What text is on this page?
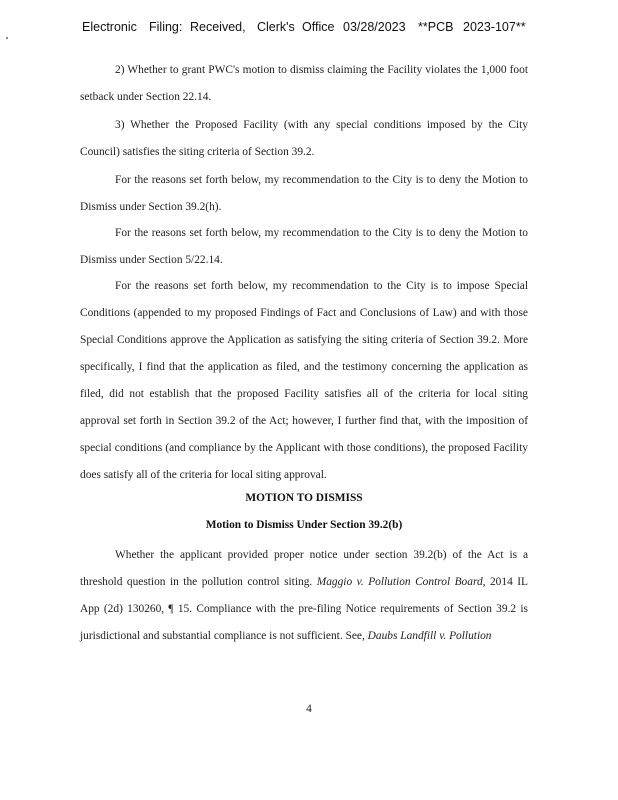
Electronic Filing: Received, Clerk's Office 03/28/2023 **PCB 2023-107**

2) Whether to grant PWC's motion to dismiss claiming the Facility violates the 1,000 foot setback under Section 22.14.

3) Whether the Proposed Facility (with any special conditions imposed by the City Council) satisfies the siting criteria of Section 39.2.

For the reasons set forth below, my recommendation to the City is to deny the Motion to Dismiss under Section 39.2(h).

For the reasons set forth below, my recommendation to the City is to deny the Motion to Dismiss under Section 5/22.14.

For the reasons set forth below, my recommendation to the City is to impose Special Conditions (appended to my proposed Findings of Fact and Conclusions of Law) and with those Special Conditions approve the Application as satisfying the siting criteria of Section 39.2. More specifically, I find that the application as filed, and the testimony concerning the application as filed, did not establish that the proposed Facility satisfies all of the criteria for local siting approval set forth in Section 39.2 of the Act; however, I further find that, with the imposition of special conditions (and compliance by the Applicant with those conditions), the proposed Facility does satisfy all of the criteria for local siting approval.

MOTION TO DISMISS

Motion to Dismiss Under Section 39.2(b)

Whether the applicant provided proper notice under section 39.2(b) of the Act is a threshold question in the pollution control siting. Maggio v. Pollution Control Board, 2014 IL App (2d) 130260, ¶ 15. Compliance with the pre-filing Notice requirements of Section 39.2 is jurisdictional and substantial compliance is not sufficient. See, Daubs Landfill v. Pollution

4
